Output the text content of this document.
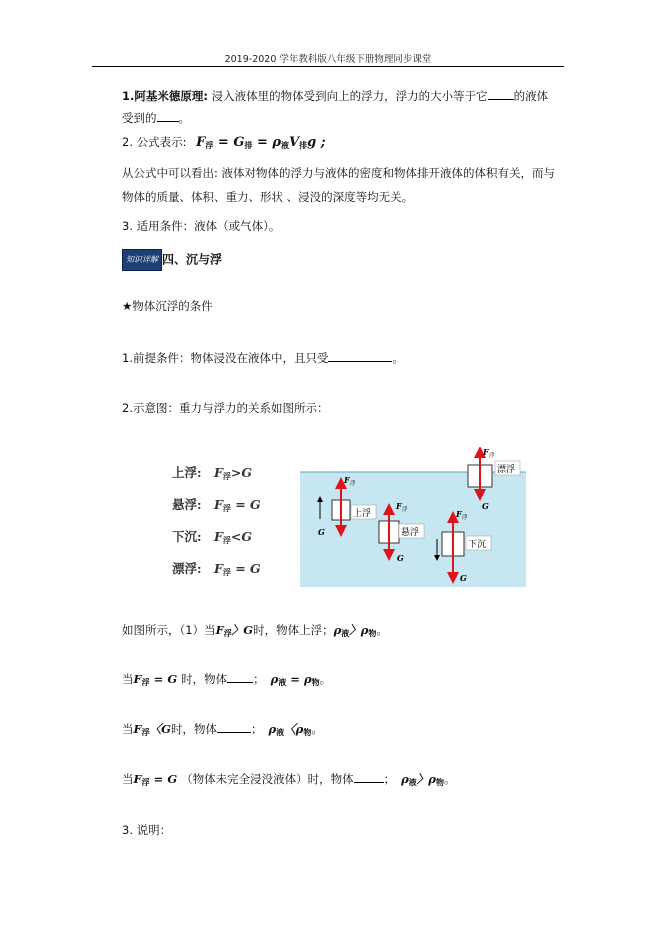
2019-2020 学年教科版八年级下册物理同步课堂
1.阿基米德原理: 浸入液体里的物体受到向上的浮力，浮力的大小等于它 的液体
受到的 。
2. 公式表示: $F_浮 = G_排 = \rho_液V_排g$ ;
从公式中可以看出: 液体对物体的浮力与液体的密度和物体排开液体的体积有关，而与
物体的质量、体积、重力、形状 、浸没的深度等均无关。
3. 适用条件：液体（或气体）。
知识详解 四、沉与浮
★物体沉浮的条件
1.前提条件：物体浸没在液体中，且只受	。
2.示意图：重力与浮力的关系如图所示：
上浮: $F_浮>G$
悬浮: $F_浮 = G$
下沉: $F_浮<G$
漂浮: $F_浮 = G$
F 浮
G
上浮
F 浮
G
悬浮
F 浮
G
下沉
F 浮
G
漂浮
如图所示，（1）当$F_浮$〉G时，物体上浮；$\rho_液$〉$\rho_物$。
当$F_浮 = G$ 时，物体 ； $\rho_液 = \rho_物$。
当$F_浮$〈G时，物体	； $\rho_液$〈$\rho_物$。
当$F_浮 = G$ （物体未完全浸没液体）时，物体	； $\rho_液$〉$\rho_物$。
3. 说明：
